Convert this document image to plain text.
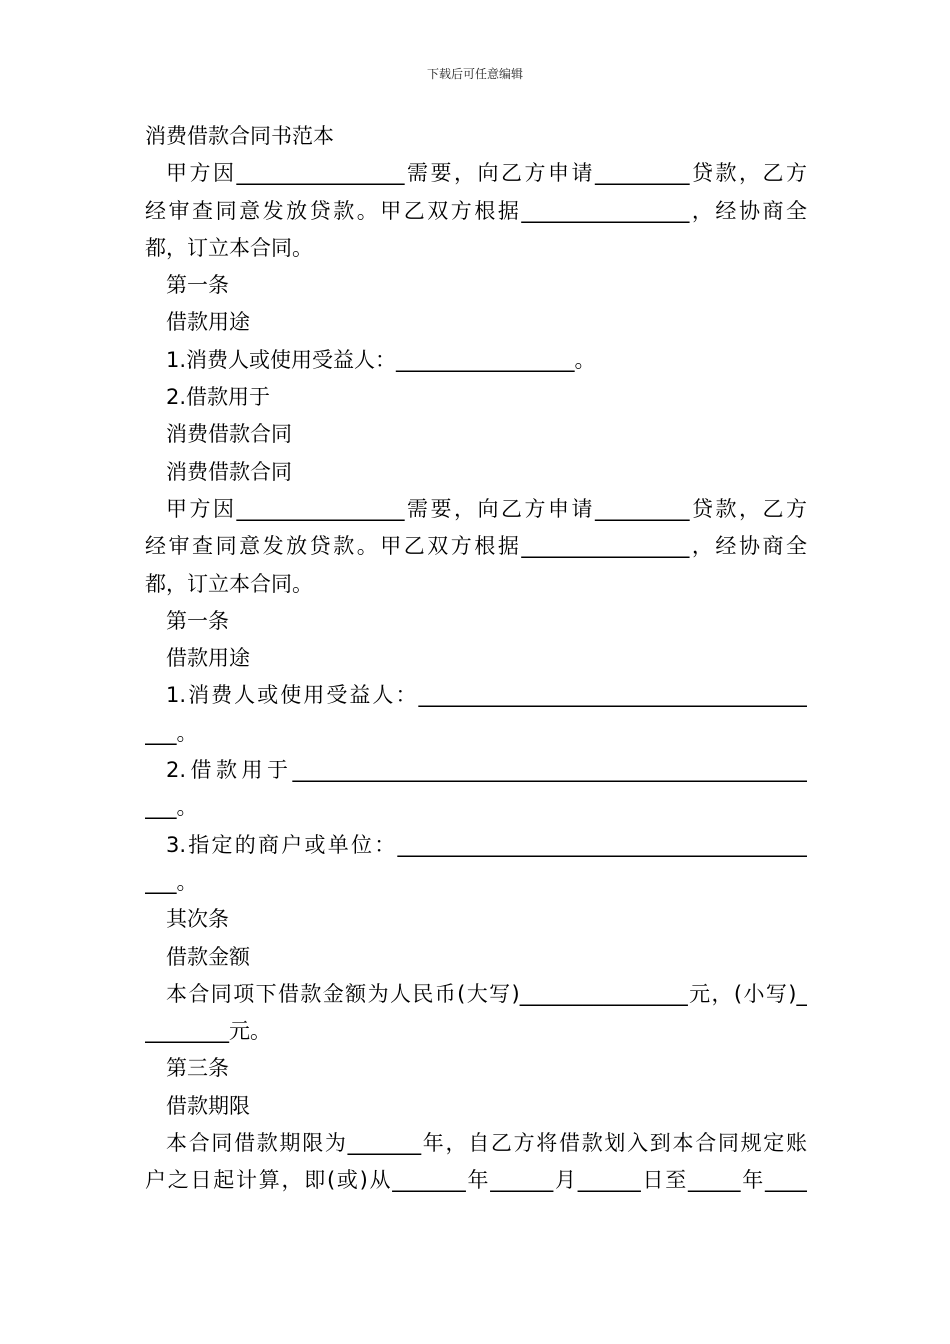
下载后可任意编辑
消费借款合同书范本
甲方因________________需要，向乙方申请_________贷款，乙方
经审查同意发放贷款。甲乙双方根据________________，经协商全
都，订立本合同。
第一条
借款用途
1.消费人或使用受益人：_________________。
2.借款用于
消费借款合同
消费借款合同
甲方因________________需要，向乙方申请_________贷款，乙方
经审查同意发放贷款。甲乙双方根据________________，经协商全
都，订立本合同。
第一条
借款用途
1.消费人或使用受益人：_____________________________________
___。
2.借款用于_________________________________________________
___。
3.指定的商户或单位：_______________________________________
___。
其次条
借款金额
本合同项下借款金额为人民币(大写)________________元，(小写)_
________元。
第三条
借款期限
本合同借款期限为_______年，自乙方将借款划入到本合同规定账
户之日起计算，即(或)从_______年______月______日至_____年____
